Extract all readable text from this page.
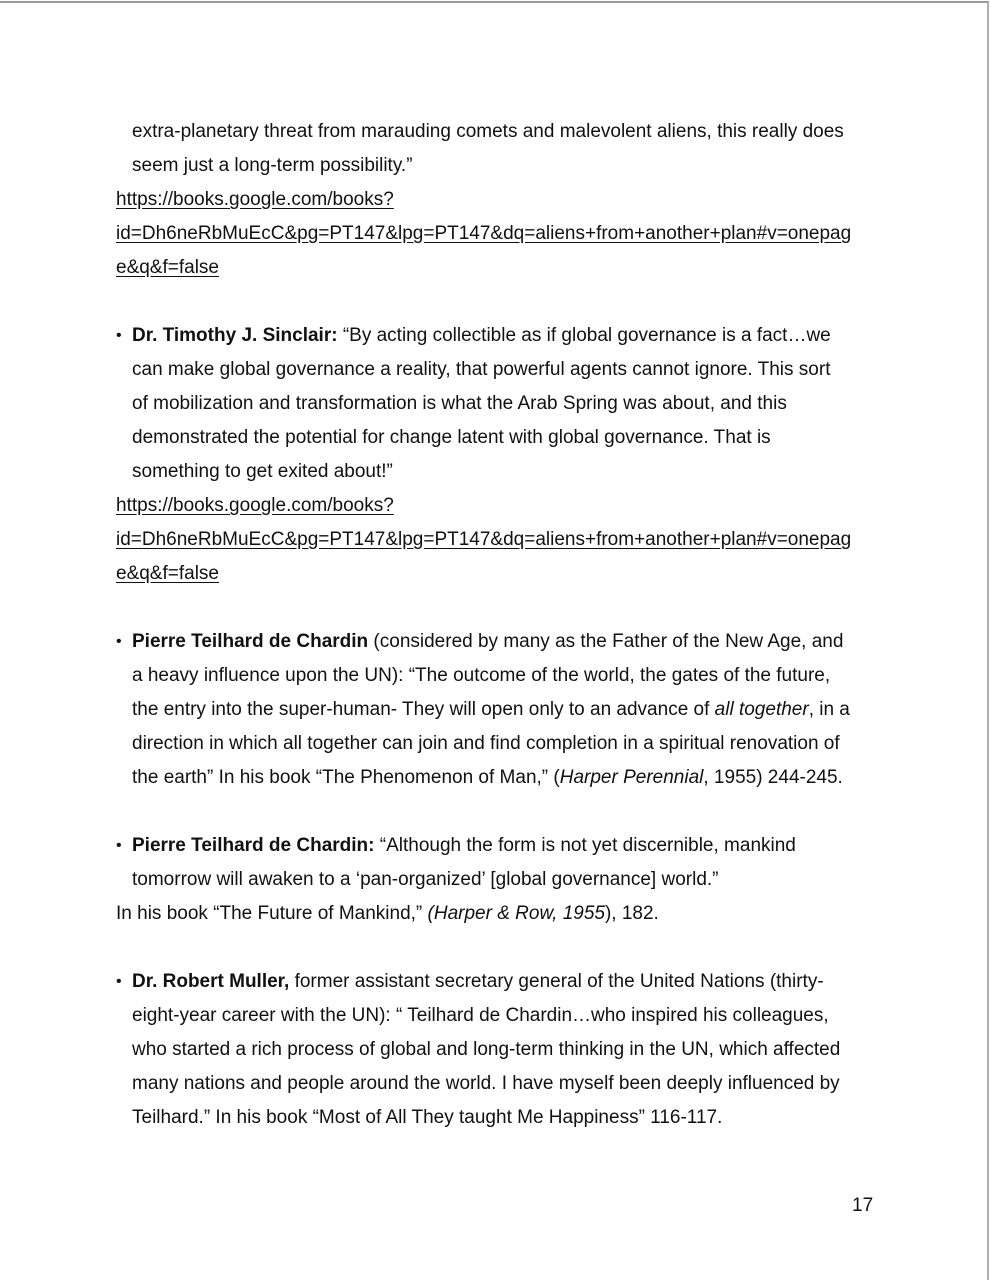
extra-planetary threat from marauding comets and malevolent aliens, this really does
seem just a long-term possibility.”
https://books.google.com/books?
id=Dh6neRbMuEcC&pg=PT147&lpg=PT147&dq=aliens+from+another+plan#v=onepag
e&q&f=false
• Dr. Timothy J. Sinclair: “By acting collectible as if global governance is a fact…we
can make global governance a reality, that powerful agents cannot ignore. This sort
of mobilization and transformation is what the Arab Spring was about, and this
demonstrated the potential for change latent with global governance. That is
something to get exited about!”
https://books.google.com/books?
id=Dh6neRbMuEcC&pg=PT147&lpg=PT147&dq=aliens+from+another+plan#v=onepag
e&q&f=false
• Pierre Teilhard de Chardin (considered by many as the Father of the New Age, and
a heavy influence upon the UN): “The outcome of the world, the gates of the future,
the entry into the super-human- They will open only to an advance of all together, in a
direction in which all together can join and find completion in a spiritual renovation of
the earth” In his book “The Phenomenon of Man,” (Harper Perennial, 1955) 244-245.
• Pierre Teilhard de Chardin: “Although the form is not yet discernible, mankind
tomorrow will awaken to a ‘pan-organized’ [global governance] world.”
In his book “The Future of Mankind,” (Harper & Row, 1955), 182.
• Dr. Robert Muller, former assistant secretary general of the United Nations (thirty-
eight-year career with the UN): “ Teilhard de Chardin…who inspired his colleagues,
who started a rich process of global and long-term thinking in the UN, which affected
many nations and people around the world. I have myself been deeply influenced by
Teilhard.” In his book “Most of All They taught Me Happiness” 116-117.
17
